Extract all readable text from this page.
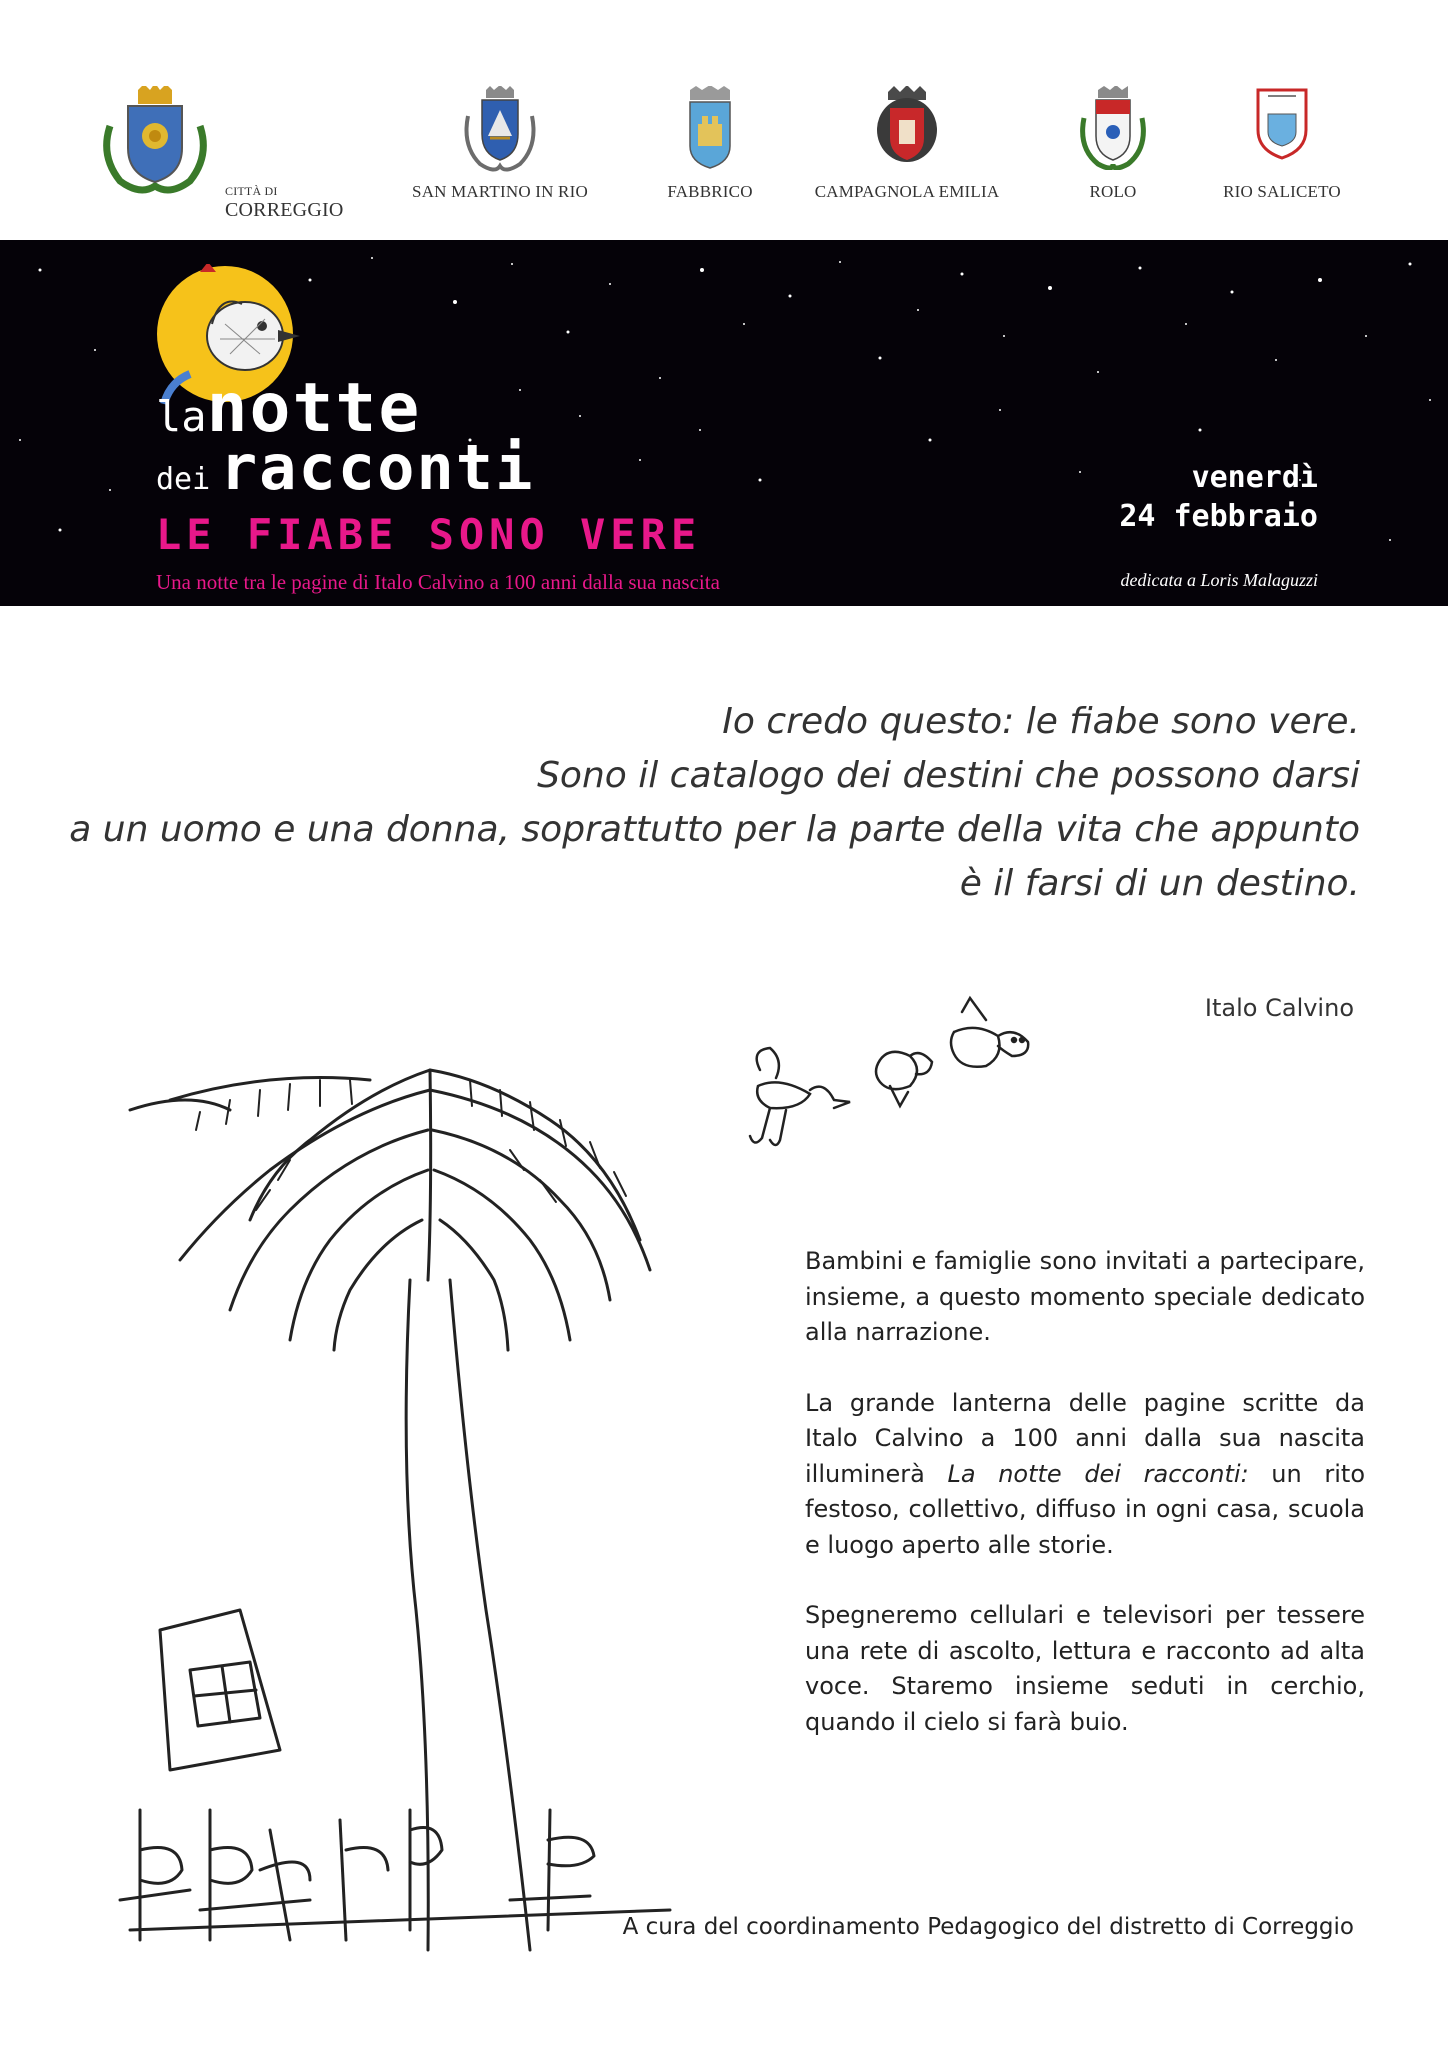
CITTÀ DI
CORREGGIO
SAN MARTINO IN RIO	FABBRICO	CAMPAGNOLA EMILIA	ROLO	RIO SALICETO
lanotte
dei racconti
LE FIABE SONO VERE
Una notte tra le pagine di Italo Calvino a 100 anni dalla sua nascita
venerdì
24 febbraio
dedicata a Loris Malaguzzi
Io credo questo: le fiabe sono vere.
Sono il catalogo dei destini che possono darsi
a un uomo e una donna, soprattutto per la parte della vita che appunto
è il farsi di un destino.
Italo Calvino

Bambini e famiglie sono invitati a partecipare, insieme, a questo momento speciale dedicato alla narrazione.

La grande lanterna delle pagine scritte da Italo Calvino a 100 anni dalla sua nascita illuminerà La notte dei racconti: un rito festoso, collettivo, diffuso in ogni casa, scuola e luogo aperto alle storie.

Spegneremo cellulari e televisori per tessere una rete di ascolto, lettura e racconto ad alta voce. Staremo insieme seduti in cerchio, quando il cielo si farà buio.

A cura del coordinamento Pedagogico del distretto di Correggio
